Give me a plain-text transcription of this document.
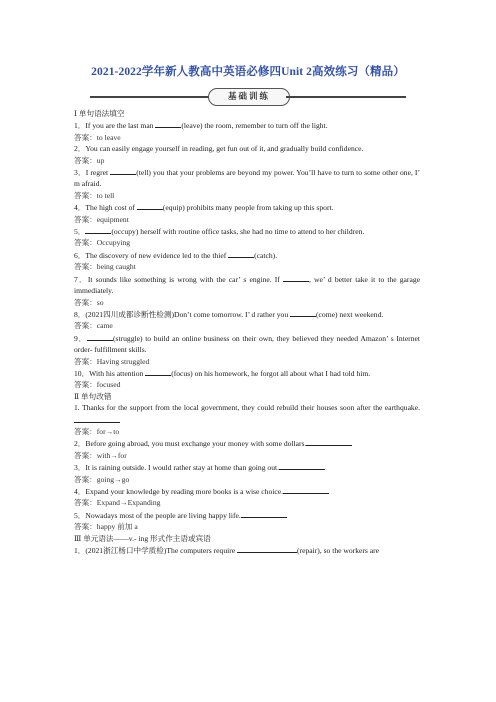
2021-2022学年新人教高中英语必修四Unit 2高效练习（精品）
基础训练

Ⅰ 单句语法填空

1．If you are the last man	(leave) the room, remember to turn off the light.

答案：to leave

2．You can easily engage yourself in reading, get fun out of it, and gradually build confidence.

答案：up

3．I regret	(tell) you that your problems are beyond my power. You’ll have to turn to some other one, I’ m afraid.

答案：to tell

4．The high cost of	(equip) prohibits many people from taking up this sport.

答案：equipment

5．	(occupy) herself with routine office tasks, she had no time to attend to her children.

答案：Occupying

6．The discovery of new evidence led to the thief	(catch).

答案：being caught

7．It sounds like something is wrong with the car’ s engine. If	, we’ d better take it to the garage immediately.

答案：so

8．(2021四川成都诊断性检测)Don’t come tomorrow. I’ d rather you	(come) next weekend.

答案：came

9．	(struggle) to build an online business on their own, they believed they needed Amazon’ s Internet order- fulfillment skills.

答案：Having struggled

10．With his attention	(focus) on his homework, he forgot all about what I had told him.

答案：focused

Ⅱ 单句改错

1. Thanks for the support from the local government, they could rebuild their houses soon after the earthquake.

答案：for→to

2．Before going abroad, you must exchange your money with some dollars.

答案：with→for

3．It is raining outside. I would rather stay at home than going out.

答案：going→go

4．Expand your knowledge by reading more books is a wise choice.

答案：Expand→Expanding

5．Nowadays most of the people are living happy life.

答案：happy 前加 a

Ⅲ 单元语法——v.- ing 形式作主语或宾语

1．(2021浙江杨口中学质检)The computers require	(repair), so the workers are
